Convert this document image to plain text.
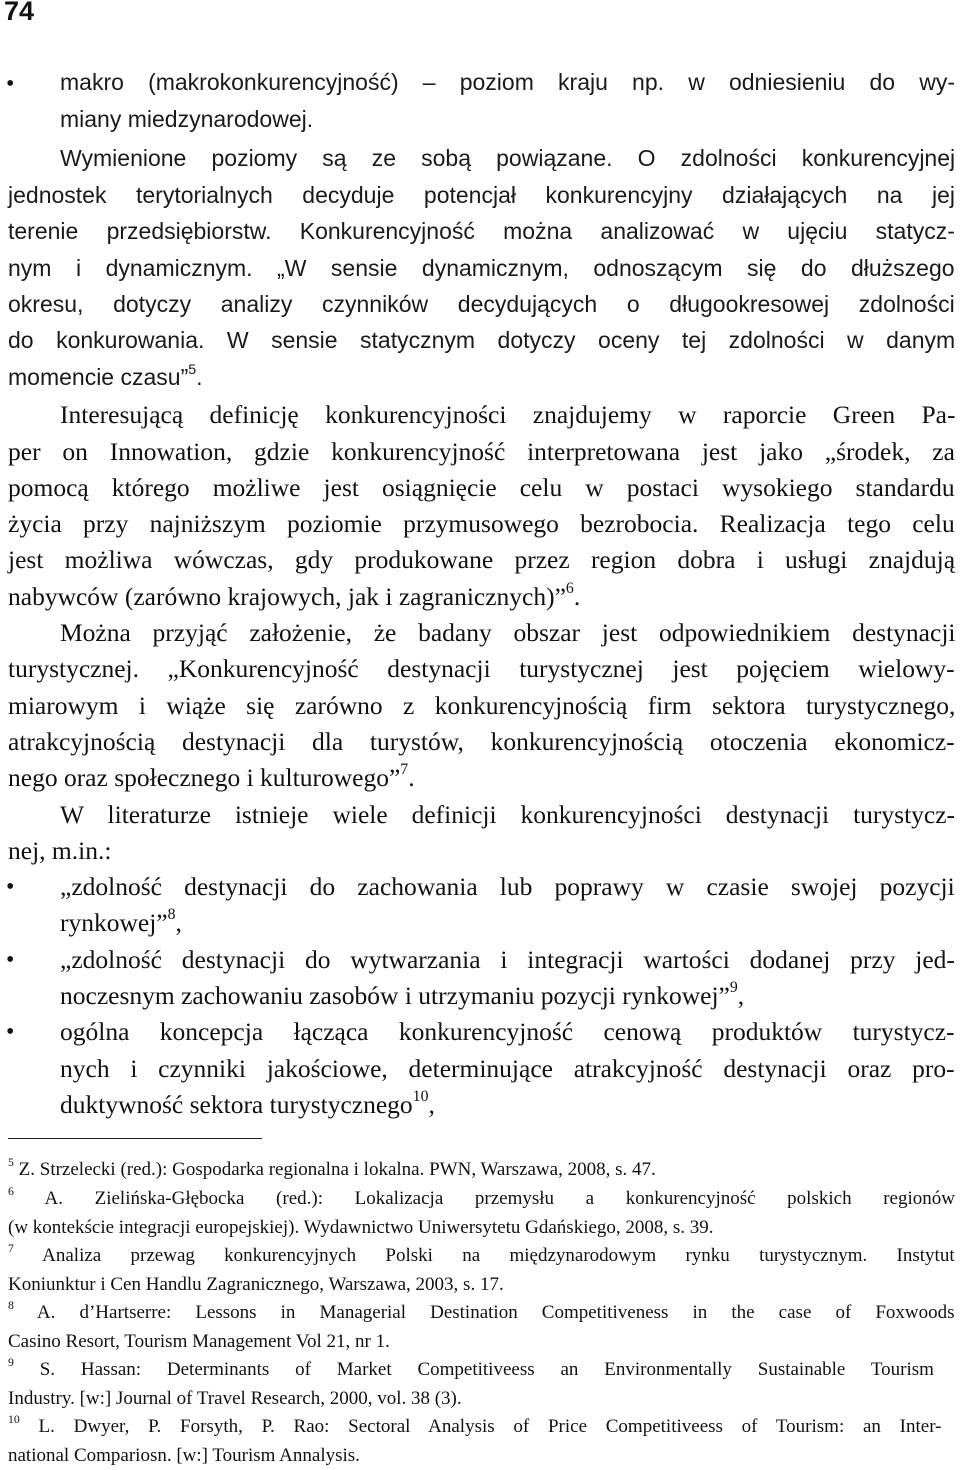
74
• makro (makrokonkurencyjność) – poziom kraju np. w odniesieniu do wy-
miany miedzynarodowej.
Wymienione poziomy są ze sobą powiązane. O zdolności konkurencyjnej
jednostek terytorialnych decyduje potencjał konkurencyjny działających na jej
terenie przedsiębiorstw. Konkurencyjność można analizować w ujęciu statycz-
nym i dynamicznym. „W sensie dynamicznym, odnoszącym się do dłuższego
okresu, dotyczy analizy czynników decydujących o długookresowej zdolności
do konkurowania. W sensie statycznym dotyczy oceny tej zdolności w danym
momencie czasu”$^5$.
Interesującą definicję konkurencyjności znajdujemy w raporcie Green Pa-
per on Innowation, gdzie konkurencyjność interpretowana jest jako „środek, za
pomocą którego możliwe jest osiągnięcie celu w postaci wysokiego standardu
życia przy najniższym poziomie przymusowego bezrobocia. Realizacja tego celu
jest możliwa wówczas, gdy produkowane przez region dobra i usługi znajdują
nabywców (zarówno krajowych, jak i zagranicznych)”$^6$.
Można przyjąć założenie, że badany obszar jest odpowiednikiem destynacji
turystycznej. „Konkurencyjność destynacji turystycznej jest pojęciem wielowy-
miarowym i wiąże się zarówno z konkurencyjnością firm sektora turystycznego,
atrakcyjnością destynacji dla turystów, konkurencyjnością otoczenia ekonomicz-
nego oraz społecznego i kulturowego”$^7$.
W literaturze istnieje wiele definicji konkurencyjności destynacji turystycz-
nej, m.in.:
• „zdolność destynacji do zachowania lub poprawy w czasie swojej pozycji
rynkowej”$^8$,
• „zdolność destynacji do wytwarzania i integracji wartości dodanej przy jed-
noczesnym zachowaniu zasobów i utrzymaniu pozycji rynkowej”$^9$,
• ogólna koncepcja łącząca konkurencyjność cenową produktów turystycz-
nych i czynniki jakościowe, determinujące atrakcyjność destynacji oraz pro-
duktywność sektora turystycznego$^{10}$,
$^5$ Z. Strzelecki (red.): Gospodarka regionalna i lokalna. PWN, Warszawa, 2008, s. 47.
$^6$ A. Zielińska-Głębocka (red.): Lokalizacja przemysłu a konkurencyjność polskich regionów
(w kontekście integracji europejskiej). Wydawnictwo Uniwersytetu Gdańskiego, 2008, s. 39.
$^7$ Analiza przewag konkurencyjnych Polski na międzynarodowym rynku turystycznym. Instytut
Koniunktur i Cen Handlu Zagranicznego, Warszawa, 2003, s. 17.
$^8$ A. d’Hartserre: Lessons in Managerial Destination Competitiveness in the case of Foxwoods
Casino Resort, Tourism Management Vol 21, nr 1.
$^9$ S. Hassan: Determinants of Market Competitiveess an Environmentally Sustainable Tourism
Industry. [w:] Journal of Travel Research, 2000, vol. 38 (3).
$^{10}$ L. Dwyer, P. Forsyth, P. Rao: Sectoral Analysis of Price Competitiveess of Tourism: an Inter-
national Compariosn. [w:] Tourism Annalysis.
